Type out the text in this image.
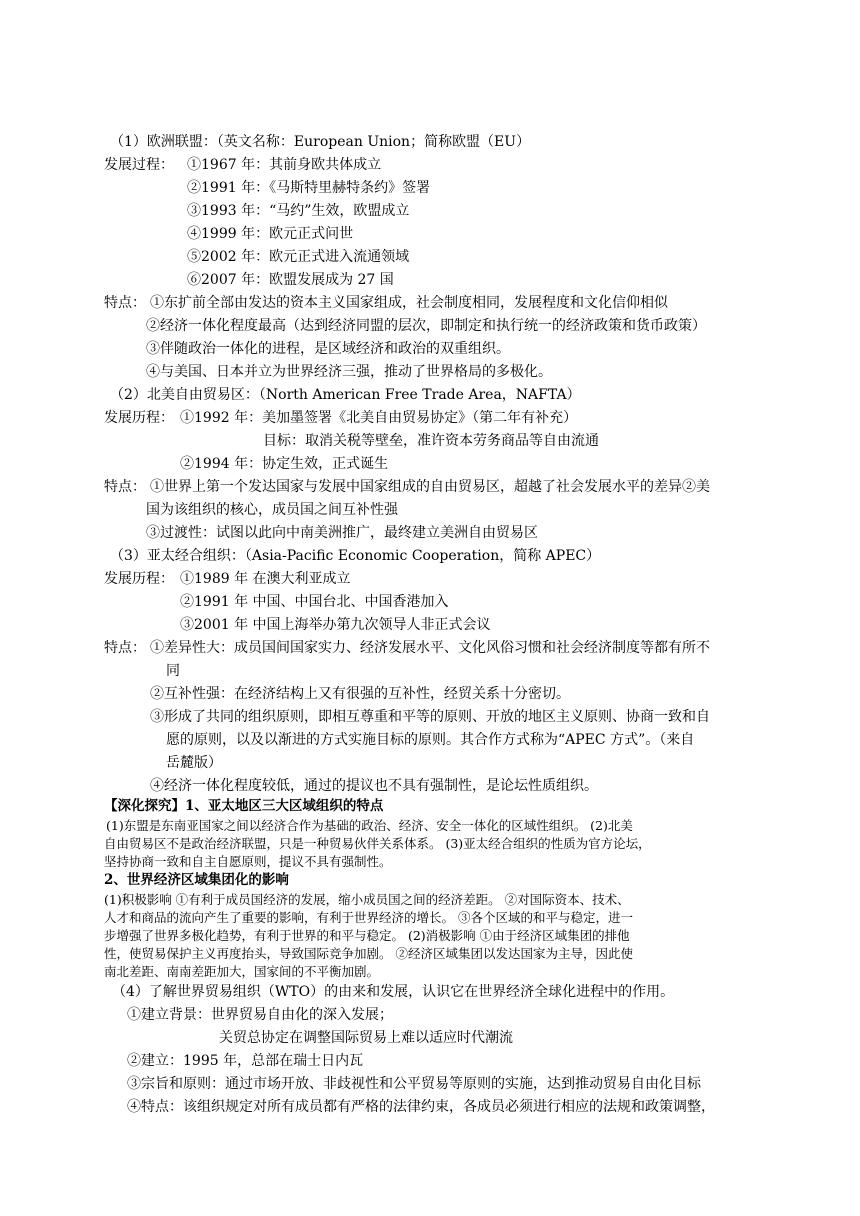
（1）欧洲联盟：（英文名称：European Union；简称欧盟（EU）
发展过程： ①1967 年：其前身欧共体成立
②1991 年：《马斯特里赫特条约》签署
③1993 年：“马约”生效，欧盟成立
④1999 年：欧元正式问世
⑤2002 年：欧元正式进入流通领域
⑥2007 年：欧盟发展成为 27 国
特点： ①东扩前全部由发达的资本主义国家组成，社会制度相同，发展程度和文化信仰相似
②经济一体化程度最高（达到经济同盟的层次，即制定和执行统一的经济政策和货币政策）
③伴随政治一体化的进程，是区域经济和政治的双重组织。
④与美国、日本并立为世界经济三强，推动了世界格局的多极化。
（2）北美自由贸易区：（North American Free Trade Area，NAFTA）
发展历程： ①1992 年：美加墨签署《北美自由贸易协定》（第二年有补充）
目标：取消关税等壁垒，准许资本劳务商品等自由流通
②1994 年：协定生效，正式诞生
特点： ①世界上第一个发达国家与发展中国家组成的自由贸易区，超越了社会发展水平的差异②美
国为该组织的核心，成员国之间互补性强
③过渡性：试图以此向中南美洲推广，最终建立美洲自由贸易区
（3）亚太经合组织：（Asia-Pacific Economic Cooperation，简称 APEC）
发展历程： ①1989 年 在澳大利亚成立
②1991 年 中国、中国台北、中国香港加入
③2001 年 中国上海举办第九次领导人非正式会议
特点： ①差异性大：成员国间国家实力、经济发展水平、文化风俗习惯和社会经济制度等都有所不
同
②互补性强：在经济结构上又有很强的互补性，经贸关系十分密切。
③形成了共同的组织原则，即相互尊重和平等的原则、开放的地区主义原则、协商一致和自
愿的原则，以及以渐进的方式实施目标的原则。其合作方式称为“APEC 方式”。（来自
岳麓版）
④经济一体化程度较低，通过的提议也不具有强制性，是论坛性质组织。
【深化探究】1、亚太地区三大区域组织的特点
(1)东盟是东南亚国家之间以经济合作为基础的政治、经济、安全一体化的区域性组织。 (2)北美
自由贸易区不是政治经济联盟，只是一种贸易伙伴关系体系。 (3)亚太经合组织的性质为官方论坛，
坚持协商一致和自主自愿原则，提议不具有强制性。
2、世界经济区域集团化的影响
(1)积极影响 ①有利于成员国经济的发展，缩小成员国之间的经济差距。 ②对国际资本、技术、
人才和商品的流向产生了重要的影响，有利于世界经济的增长。 ③各个区域的和平与稳定，进一
步增强了世界多极化趋势，有利于世界的和平与稳定。 (2)消极影响 ①由于经济区域集团的排他
性，使贸易保护主义再度抬头，导致国际竞争加剧。 ②经济区域集团以发达国家为主导，因此使
南北差距、南南差距加大，国家间的不平衡加剧。
（4）了解世界贸易组织（WTO）的由来和发展，认识它在世界经济全球化进程中的作用。
①建立背景：世界贸易自由化的深入发展；
关贸总协定在调整国际贸易上难以适应时代潮流
②建立：1995 年，总部在瑞士日内瓦
③宗旨和原则：通过市场开放、非歧视性和公平贸易等原则的实施，达到推动贸易自由化目标
④特点：该组织规定对所有成员都有严格的法律约束，各成员必须进行相应的法规和政策调整，
